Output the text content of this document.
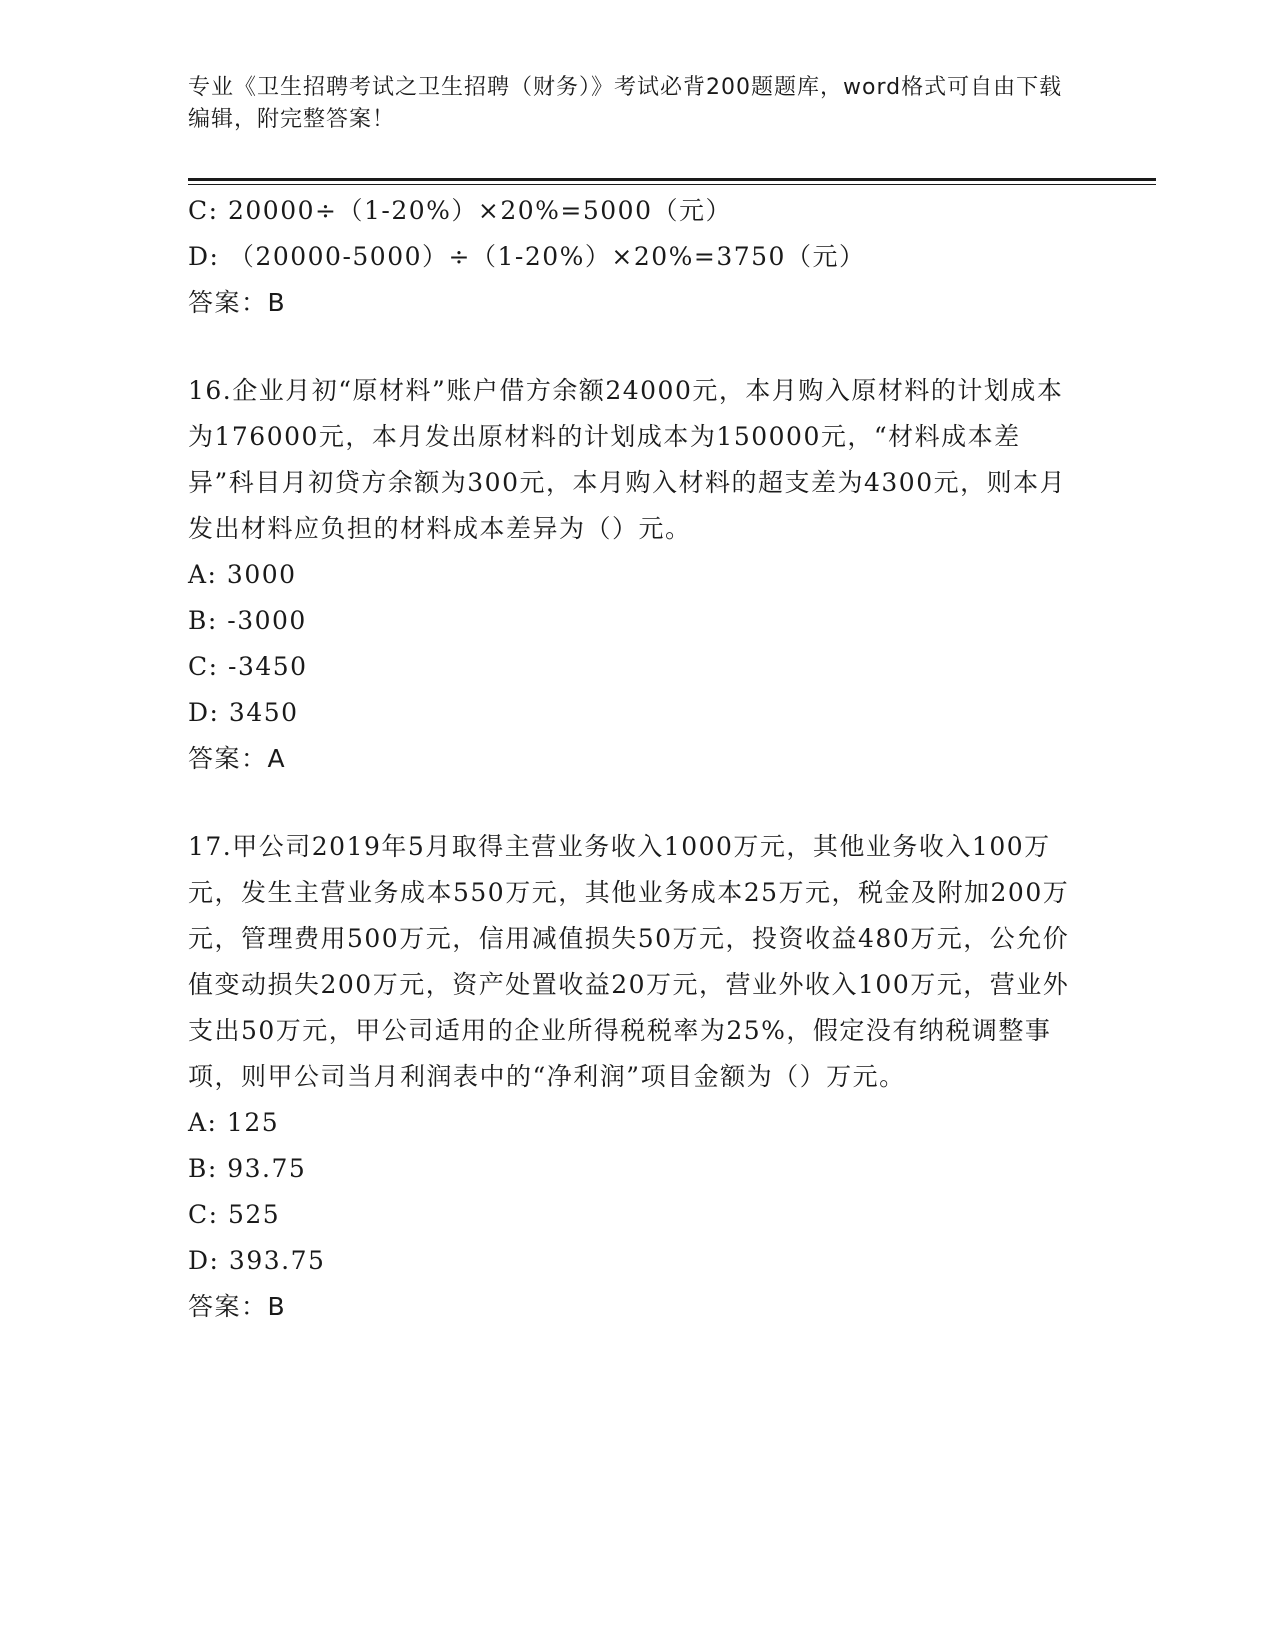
专业《卫生招聘考试之卫生招聘（财务）》考试必背200题题库，word格式可自由下载编辑，附完整答案！
C: 20000÷（1-20%）×20%=5000（元）
D: （20000-5000）÷（1-20%）×20%=3750（元）
答案：B
16.企业月初“原材料”账户借方余额24000元，本月购入原材料的计划成本为176000元，本月发出原材料的计划成本为150000元，“材料成本差异”科目月初贷方余额为300元，本月购入材料的超支差为4300元，则本月发出材料应负担的材料成本差异为（）元。
A: 3000
B: -3000
C: -3450
D: 3450
答案：A
17.甲公司2019年5月取得主营业务收入1000万元，其他业务收入100万元，发生主营业务成本550万元，其他业务成本25万元，税金及附加200万元，管理费用500万元，信用减值损失50万元，投资收益480万元，公允价值变动损失200万元，资产处置收益20万元，营业外收入100万元，营业外支出50万元，甲公司适用的企业所得税税率为25%，假定没有纳税调整事项，则甲公司当月利润表中的“净利润”项目金额为（）万元。
A: 125
B: 93.75
C: 525
D: 393.75
答案：B
